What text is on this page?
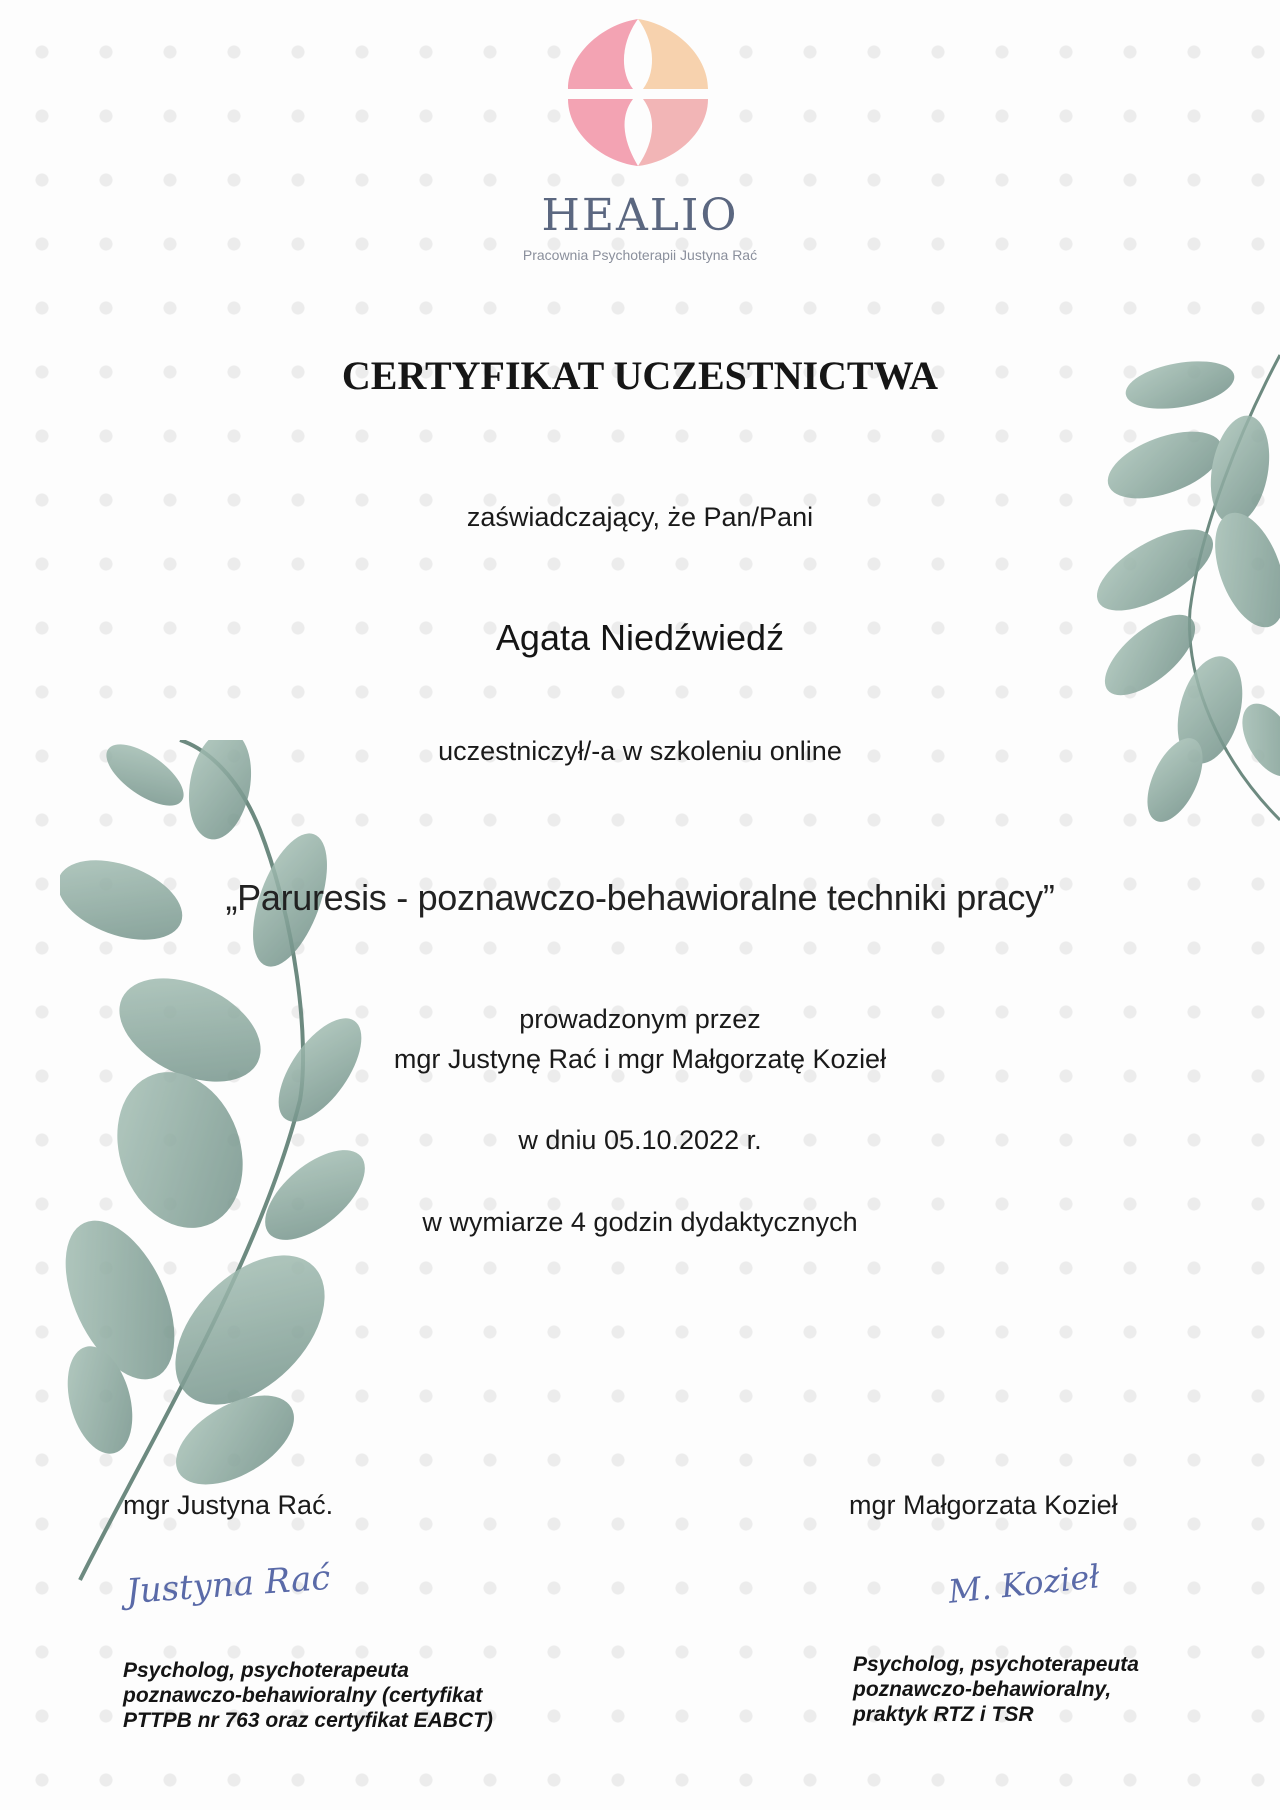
HEALIO
Pracownia Psychoterapii Justyna Rać
CERTYFIKAT UCZESTNICTWA
zaświadczający, że Pan/Pani
Agata Niedźwiedź
uczestniczył/-a w szkoleniu online
„Paruresis - poznawczo-behawioralne techniki pracy”
prowadzonym przez
mgr Justynę Rać i mgr Małgorzatę Kozieł
w dniu 05.10.2022 r.
w wymiarze 4 godzin dydaktycznych
mgr Justyna Rać.
Justyna Rać
Psycholog, psychoterapeuta
poznawczo-behawioralny (certyfikat
PTTPB nr 763 oraz certyfikat EABCT)
mgr Małgorzata Kozieł
M. Kozieł
Psycholog, psychoterapeuta
poznawczo-behawioralny,
praktyk RTZ i TSR
